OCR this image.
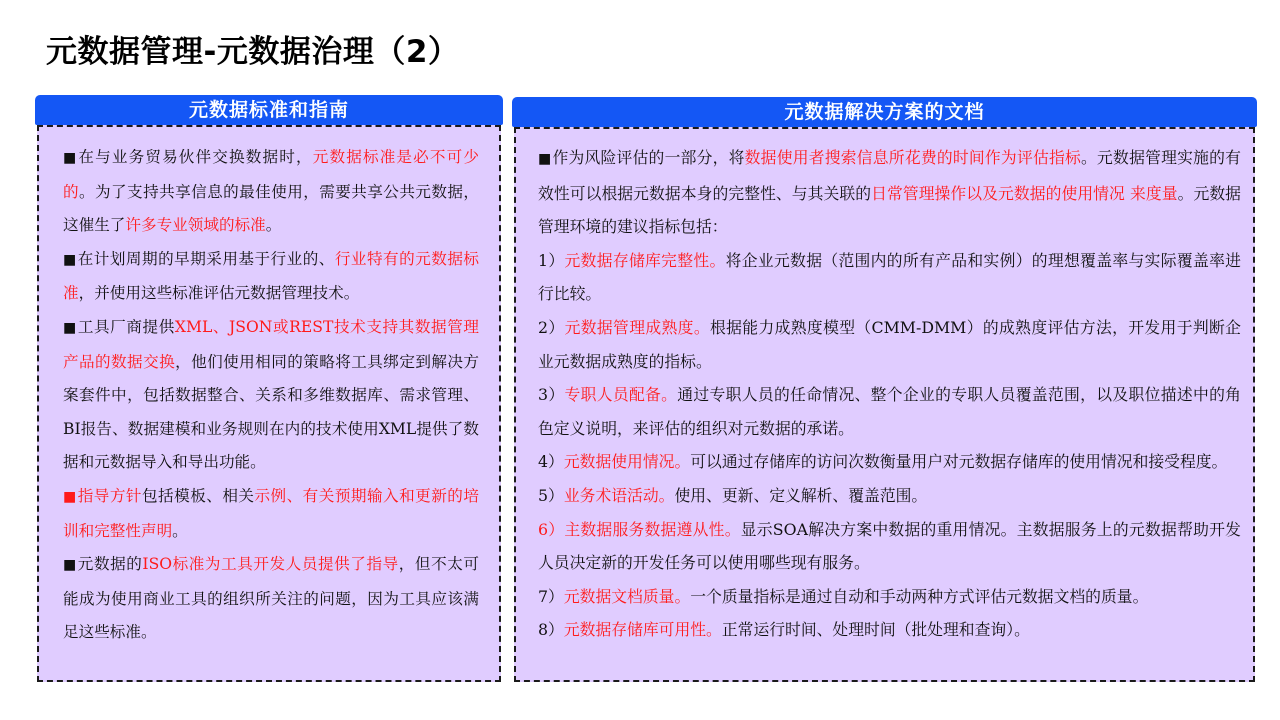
元数据管理-元数据治理（2）
元数据标准和指南

■在与业务贸易伙伴交换数据时，元数据标准是必不可少的。为了支持共享信息的最佳使用，需要共享公共元数据，这催生了许多专业领域的标准。

■在计划周期的早期采用基于行业的、行业特有的元数据标准，并使用这些标准评估元数据管理技术。

■工具厂商提供XML、JSON或REST技术支持其数据管理产品的数据交换，他们使用相同的策略将工具绑定到解决方案套件中，包括数据整合、关系和多维数据库、需求管理、BI报告、数据建模和业务规则在内的技术使用XML提供了数据和元数据导入和导出功能。

■指导方针包括模板、相关示例、有关预期输入和更新的培训和完整性声明。

■元数据的ISO标准为工具开发人员提供了指导，但不太可能成为使用商业工具的组织所关注的问题，因为工具应该满足这些标准。

元数据解决方案的文档

■作为风险评估的一部分，将数据使用者搜索信息所花费的时间作为评估指标。元数据管理实施的有效性可以根据元数据本身的完整性、与其关联的日常管理操作以及元数据的使用情况 来度量。元数据管理环境的建议指标包括：

1）元数据存储库完整性。将企业元数据（范围内的所有产品和实例）的理想覆盖率与实际覆盖率进行比较。

2）元数据管理成熟度。根据能力成熟度模型（CMM-DMM）的成熟度评估方法，开发用于判断企业元数据成熟度的指标。

3）专职人员配备。通过专职人员的任命情况、整个企业的专职人员覆盖范围，以及职位描述中的角色定义说明，来评估的组织对元数据的承诺。

4）元数据使用情况。可以通过存储库的访问次数衡量用户对元数据存储库的使用情况和接受程度。

5）业务术语活动。使用、更新、定义解析、覆盖范围。

6）主数据服务数据遵从性。显示SOA解决方案中数据的重用情况。主数据服务上的元数据帮助开发人员决定新的开发任务可以使用哪些现有服务。

7）元数据文档质量。一个质量指标是通过自动和手动两种方式评估元数据文档的质量。

8）元数据存储库可用性。正常运行时间、处理时间（批处理和查询）。
